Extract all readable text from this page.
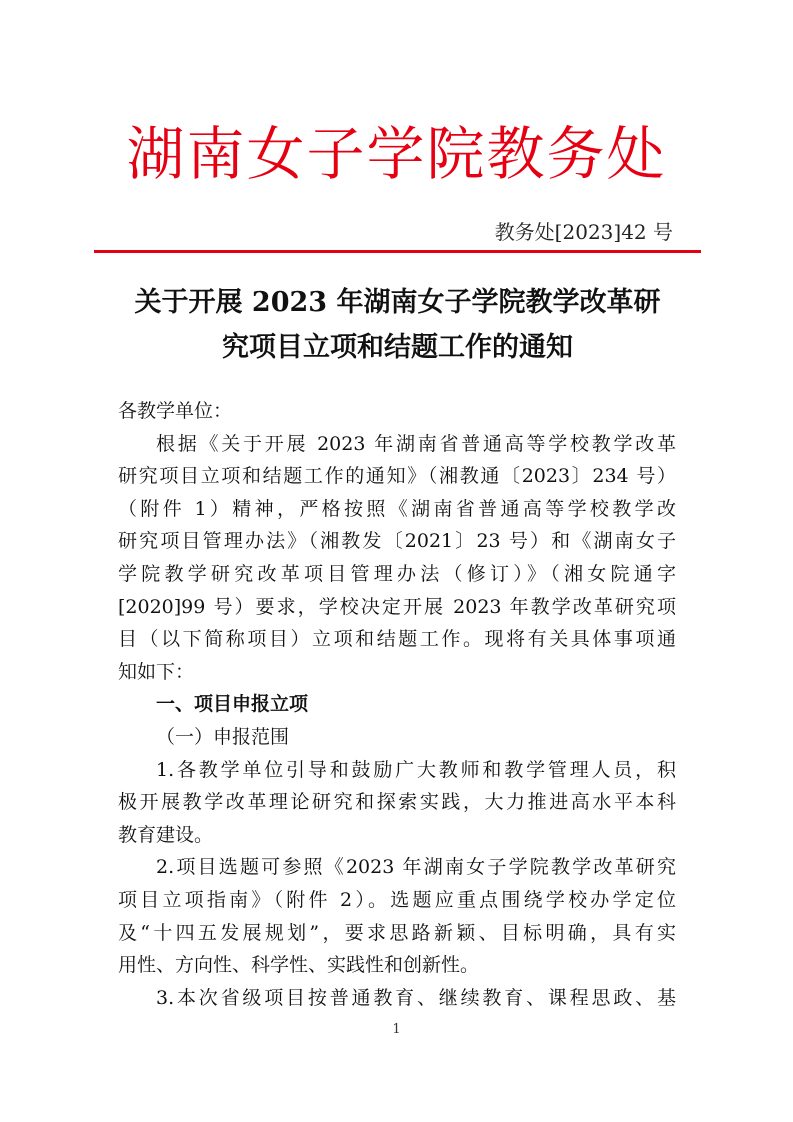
湖南女子学院教务处
教务处[2023]42 号
关于开展 2023 年湖南女子学院教学改革研
究项目立项和结题工作的通知
各教学单位：
根据《关于开展 2023 年湖南省普通高等学校教学改革
研究项目立项和结题工作的通知》（湘教通〔2023〕234 号）
（附件 1）精神，严格按照《湖南省普通高等学校教学改
研究项目管理办法》（湘教发〔2021〕23 号）和《湖南女子
学院教学研究改革项目管理办法（修订）》（湘女院通字
[2020]99 号）要求，学校决定开展 2023 年教学改革研究项
目（以下简称项目）立项和结题工作。现将有关具体事项通
知如下：
一、项目申报立项
（一）申报范围
1.各教学单位引导和鼓励广大教师和教学管理人员，积
极开展教学改革理论研究和探索实践，大力推进高水平本科
教育建设。
2.项目选题可参照《2023 年湖南女子学院教学改革研究
项目立项指南》（附件 2）。选题应重点围绕学校办学定位
及“十四五发展规划”，要求思路新颖、目标明确，具有实
用性、方向性、科学性、实践性和创新性。
3.本次省级项目按普通教育、继续教育、课程思政、基
1
